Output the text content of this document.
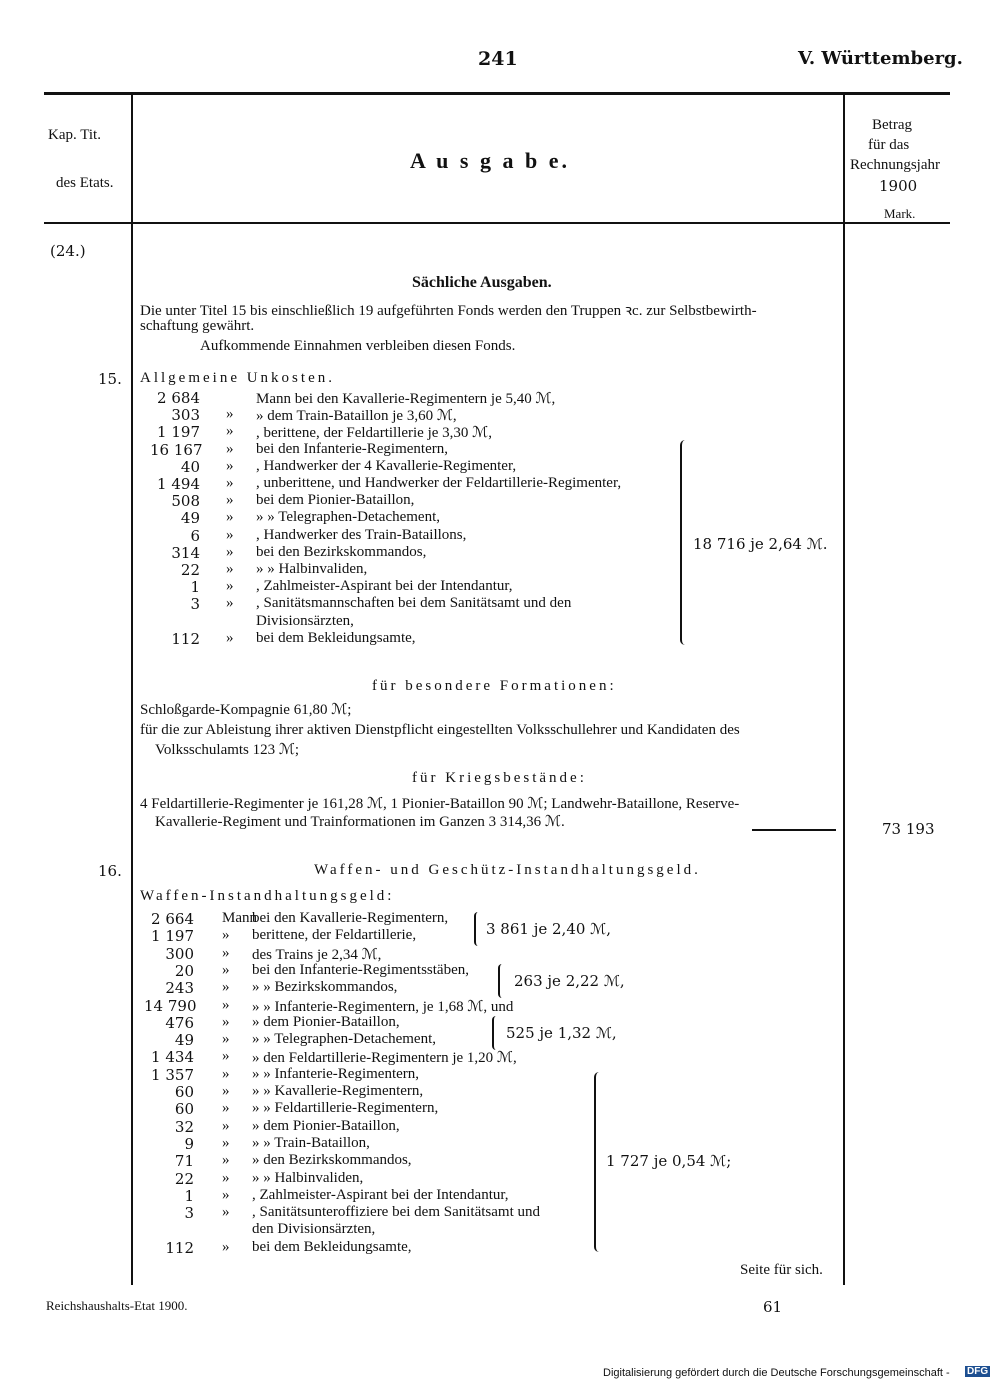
241	V. Württemberg.
Kap. Tit.
des Etats.
A u s g a b e.
Betrag
für das
Rechnungsjahr
1900
Mark.
(24.)
Sächliche Ausgaben.
Die unter Titel 15 bis einschließlich 19 aufgeführten Fonds werden den Truppen ꝛc. zur Selbstbewirth-
schaftung gewährt.
Aufkommende Einnahmen verbleiben diesen Fonds.
15. Allgemeine Unkosten.
2 684	Mann bei den Kavallerie-Regimentern je 5,40 ℳ,
303 » » dem Train-Bataillon je 3,60 ℳ,
1 197 » , berittene, der Feldartillerie je 3,30 ℳ,
16 167 » bei den Infanterie-Regimentern,
40 » , Handwerker der 4 Kavallerie-Regimenter,
1 494 » , unberittene, und Handwerker der Feldartillerie-Regimenter,
508 » bei dem Pionier-Bataillon,
49 » » » Telegraphen-Detachement,
6 » , Handwerker des Train-Bataillons,
314 » bei den Bezirkskommandos,
22 » » » Halbinvaliden,
1 » , Zahlmeister-Aspirant bei der Intendantur,
3 » , Sanitätsmannschaften bei dem Sanitätsamt und den
Divisionsärzten,
112 » bei dem Bekleidungsamte,
18 716 je 2,64 ℳ.
für besondere Formationen:
Schloßgarde-Kompagnie 61,80 ℳ;
für die zur Ableistung ihrer aktiven Dienstpflicht eingestellten Volksschullehrer und Kandidaten des
Volksschulamts 123 ℳ;
für Kriegsbestände:
4 Feldartillerie-Regimenter je 161,28 ℳ, 1 Pionier-Bataillon 90 ℳ; Landwehr-Bataillone, Reserve-
Kavallerie-Regiment und Trainformationen im Ganzen 3 314,36 ℳ.	73 193
16.	Waffen- und Geschütz-Instandhaltungsgeld.
Waffen-Instandhaltungsgeld:
2 664 Mann
bei den Kavallerie-Regimentern,
1 197 » berittene, der Feldartillerie,
300 » des Trains je 2,34 ℳ,
20 » bei den Infanterie-Regimentsstäben,
243 » » » Bezirkskommandos,
14 790 » » » Infanterie-Regimentern, je 1,68 ℳ, und
476 » » dem Pionier-Bataillon,
49 » » » Telegraphen-Detachement,
1 434 » » den Feldartillerie-Regimentern je 1,20 ℳ,
1 357 » » » Infanterie-Regimentern,
60 » » » Kavallerie-Regimentern,
60 » » » Feldartillerie-Regimentern,
32 » » dem Pionier-Bataillon,
9 » » » Train-Bataillon,
71 » » den Bezirkskommandos,
22 » » » Halbinvaliden,
1 » , Zahlmeister-Aspirant bei der Intendantur,
3 » , Sanitätsunteroffiziere bei dem Sanitätsamt und
den Divisionsärzten,
112 » bei dem Bekleidungsamte,
3 861 je 2,40 ℳ,
263 je 2,22 ℳ,
525 je 1,32 ℳ,
1 727 je 0,54 ℳ;
Seite für sich.
Reichshaushalts-Etat 1900.	61
Digitalisierung gefördert durch die Deutsche Forschungsgemeinschaft - DFG
